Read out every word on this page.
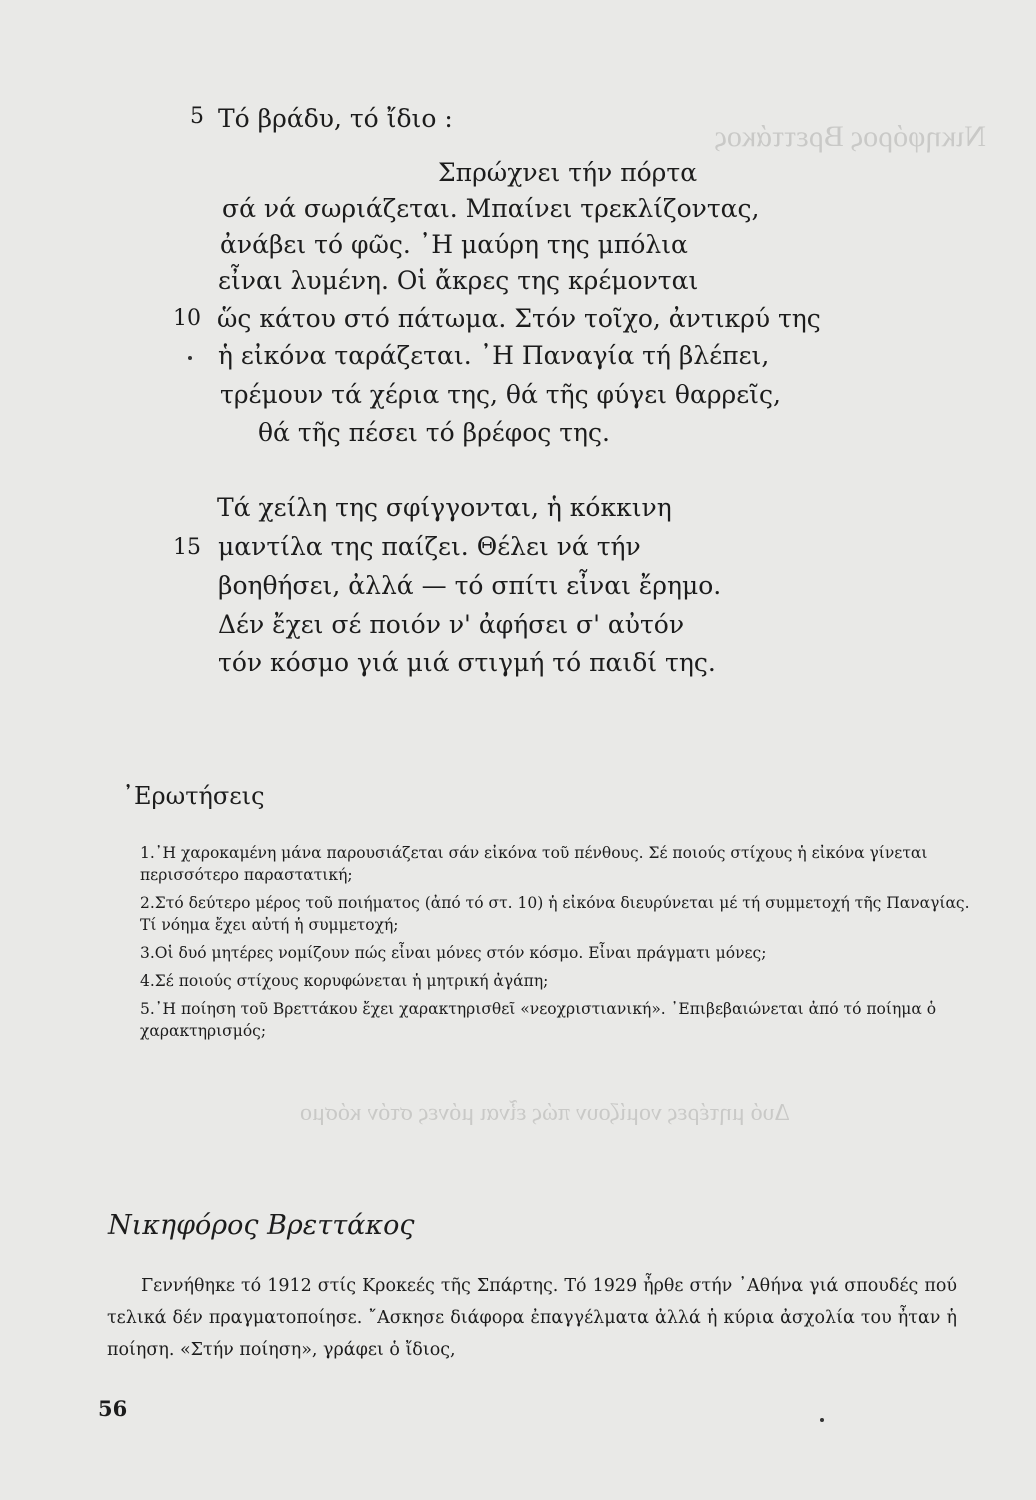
Νικηφόρος Βρεττάκος
Δυό μητέρες νομίζουν πώς εἶναι μόνες στόν κόσμο
5
10
15
Τό βράδυ, τό ἴδιο :
Σπρώχνει τήν πόρτα
σά νά σωριάζεται. Μπαίνει τρεκλίζοντας,
ἀνάβει τό φῶς. ᾿Η μαύρη της μπόλια
εἶναι λυμένη. Οἱ ἄκρες της κρέμονται
ὥς κάτου στό πάτωμα. Στόν τοῖχο, ἀντικρύ της
ἡ εἰκόνα ταράζεται. ᾿Η Παναγία τή βλέπει,
τρέμουν τά χέρια της, θά τῆς φύγει θαρρεῖς,
θά τῆς πέσει τό βρέφος της.
Τά χείλη της σφίγγονται, ἡ κόκκινη
μαντίλα της παίζει. Θέλει νά τήν
βοηθήσει, ἀλλά — τό σπίτι εἶναι ἔρημο.
Δέν ἔχει σέ ποιόν ν' ἀφήσει σ' αὐτόν
τόν κόσμο γιά μιά στιγμή τό παιδί της.
᾿Ερωτήσεις
1.᾿Η χαροκαμένη μάνα παρουσιάζεται σάν εἰκόνα τοῦ πένθους. Σέ ποιούς στίχους ἡ εἰκόνα γίνεται περισσότερο παραστατική;
2.Στό δεύτερο μέρος τοῦ ποιήματος (ἀπό τό στ. 10) ἡ εἰκόνα διευρύνεται μέ τή συμμετοχή τῆς Παναγίας. Τί νόημα ἔχει αὐτή ἡ συμμετοχή;
3.Οἱ δυό μητέρες νομίζουν πώς εἶναι μόνες στόν κόσμο. Εἶναι πράγματι μόνες;
4.Σέ ποιούς στίχους κορυφώνεται ἡ μητρική ἀγάπη;
5.᾿Η ποίηση τοῦ Βρεττάκου ἔχει χαρακτηρισθεῖ «νεοχριστιανική». ᾿Επιβεβαιώνεται ἀπό τό ποίημα ὁ χαρακτηρισμός;
Νικηφόρος Βρεττάκος
Γεννήθηκε τό 1912 στίς Κροκεές τῆς Σπάρτης. Τό 1929 ἦρθε στήν ᾿Αθήνα γιά σπουδές πού τελικά δέν πραγματοποίησε. ῎Ασκησε διάφορα ἐπαγγέλματα ἀλλά ἡ κύρια ἀσχολία του ἦταν ἡ ποίηση. «Στήν ποίηση», γράφει ὁ ἴδιος,
56
